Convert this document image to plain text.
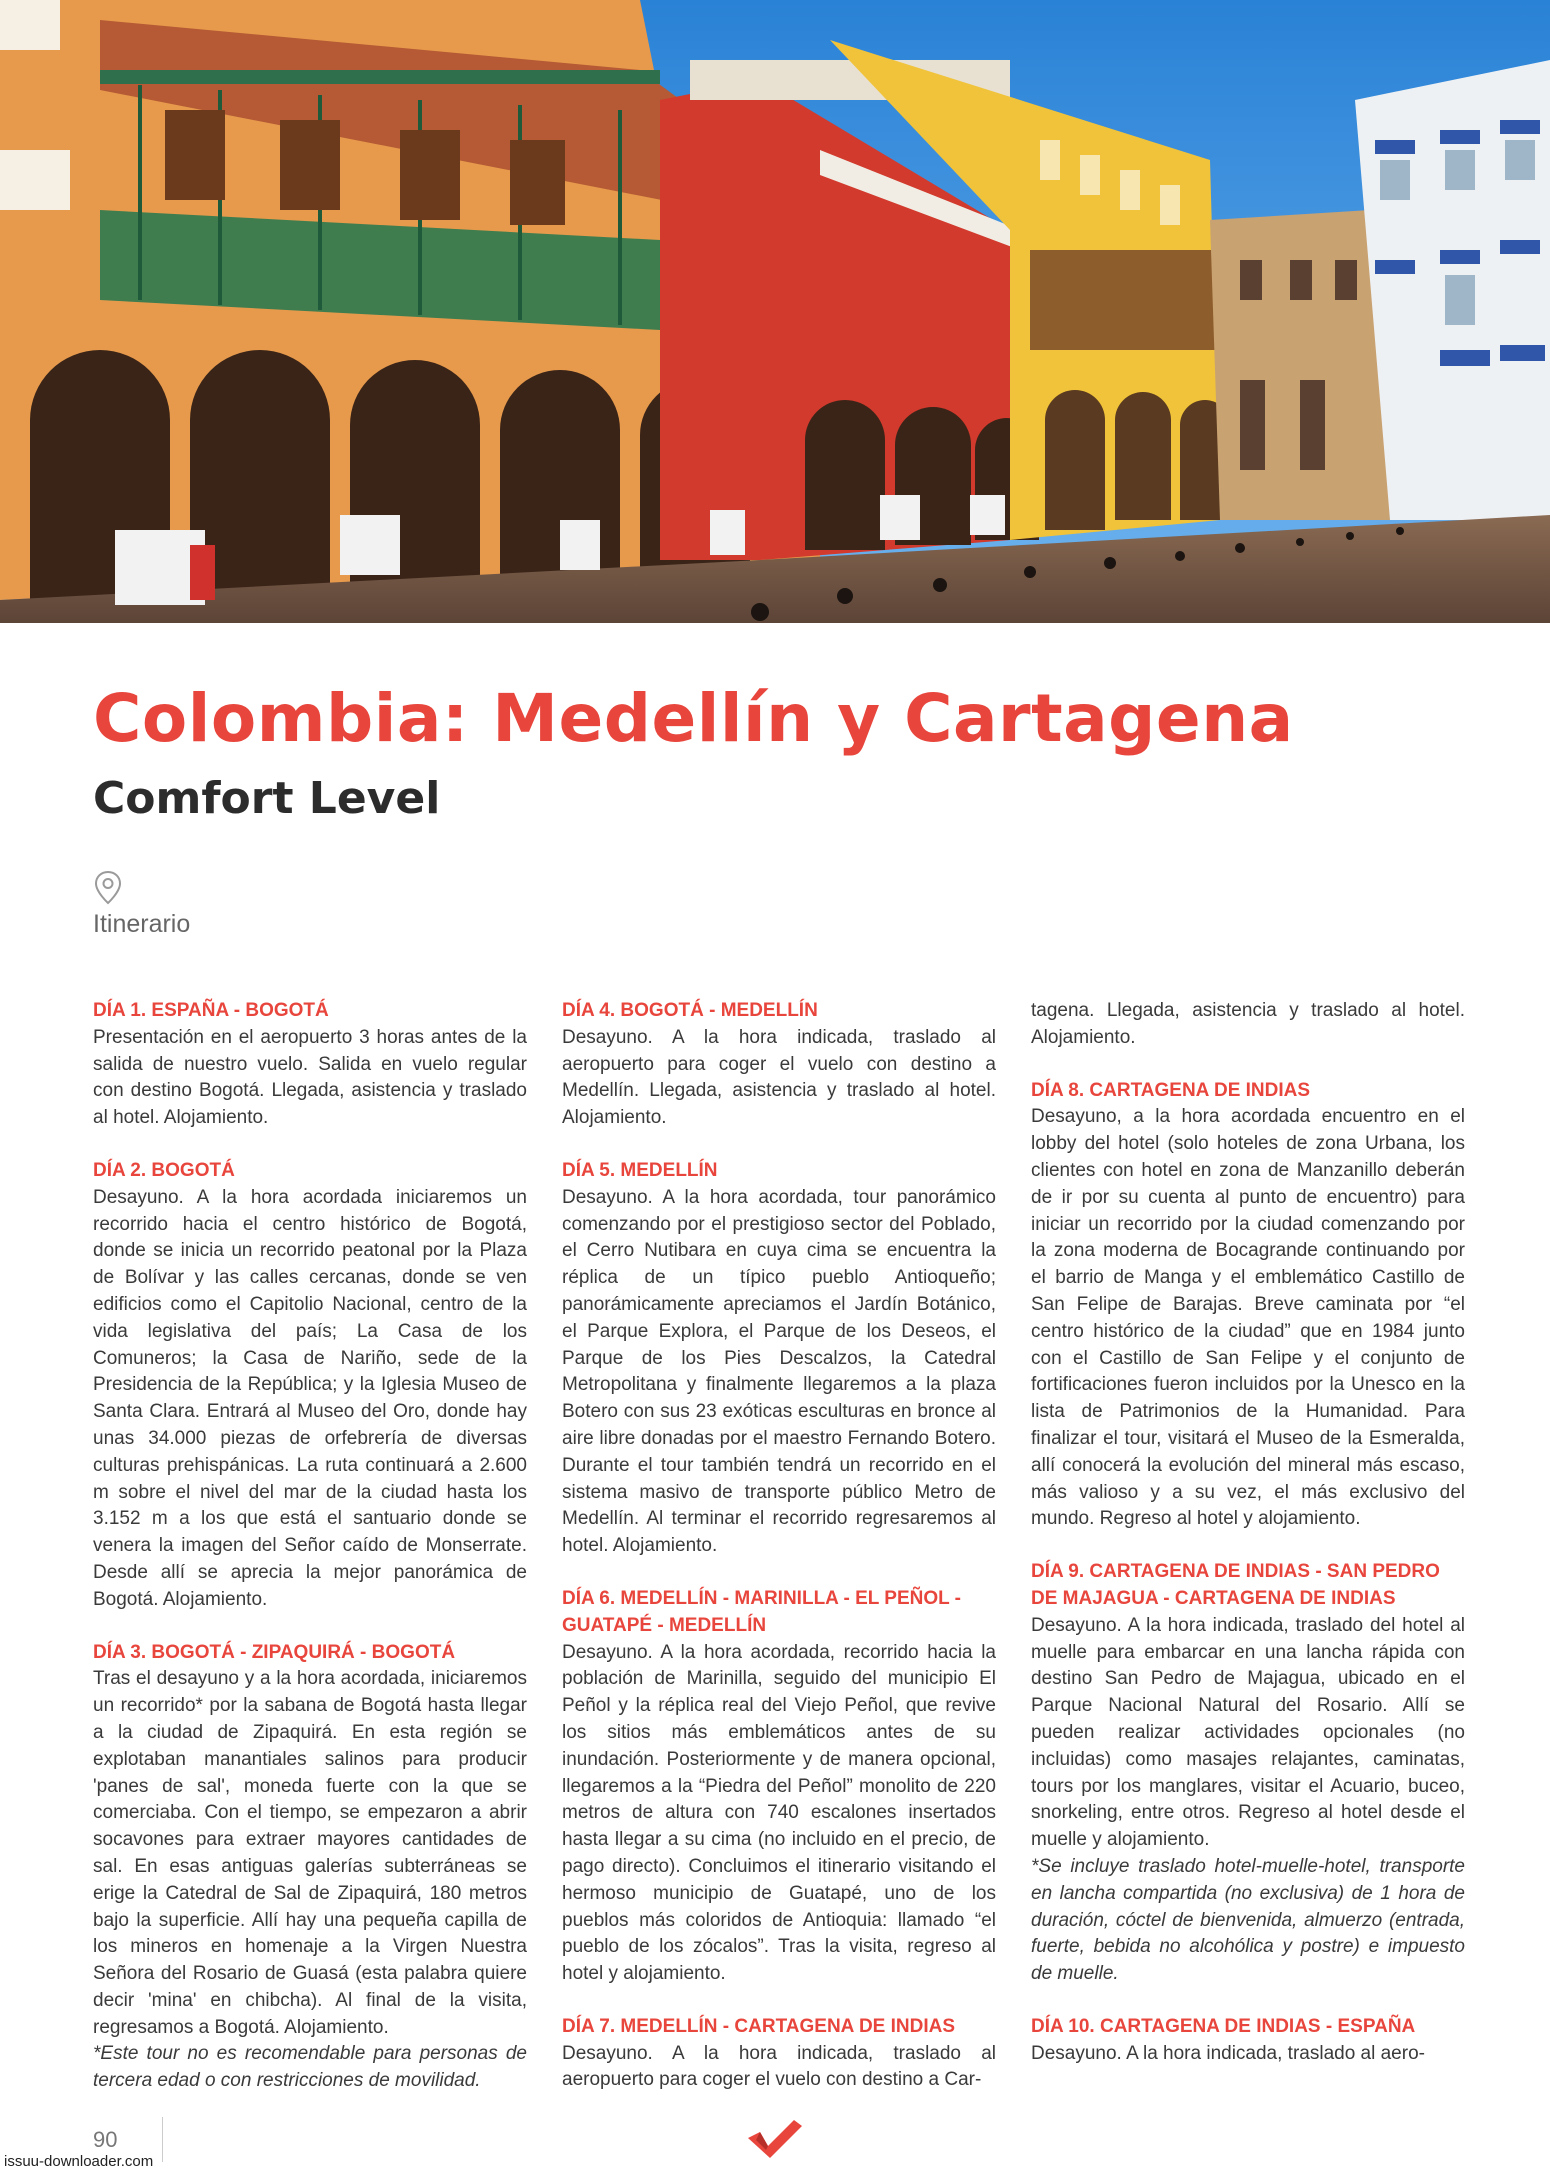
Colombia: Medellín y Cartagena
Comfort Level
Itinerario
DÍA 1. ESPAÑA - BOGOTÁ

Presentación en el aeropuerto 3 horas antes de la salida de nuestro vuelo. Salida en vuelo regular con destino Bogotá. Llegada, asistencia y traslado al hotel. Alojamiento.

DÍA 2. BOGOTÁ

Desayuno. A la hora acordada iniciaremos un recorrido hacia el centro histórico de Bogotá, donde se inicia un recorrido peatonal por la Plaza de Bolívar y las calles cercanas, donde se ven edificios como el Capitolio Nacional, centro de la vida legislativa del país; La Casa de los Comuneros; la Casa de Nariño, sede de la Presidencia de la República; y la Iglesia Museo de Santa Clara. Entrará al Museo del Oro, donde hay unas 34.000 piezas de orfebrería de diversas culturas prehispánicas. La ruta continuará a 2.600 m sobre el nivel del mar de la ciudad hasta los 3.152 m a los que está el santuario donde se venera la imagen del Señor caído de Monserrate. Desde allí se aprecia la mejor panorámica de Bogotá. Alojamiento.

DÍA 3. BOGOTÁ - ZIPAQUIRÁ - BOGOTÁ

Tras el desayuno y a la hora acordada, iniciaremos un recorrido* por la sabana de Bogotá hasta llegar a la ciudad de Zipaquirá. En esta región se explotaban manantiales salinos para producir 'panes de sal', moneda fuerte con la que se comerciaba. Con el tiempo, se empezaron a abrir socavones para extraer mayores cantidades de sal. En esas antiguas galerías subterráneas se erige la Catedral de Sal de Zipaquirá, 180 metros bajo la superficie. Allí hay una pequeña capilla de los mineros en homenaje a la Virgen Nuestra Señora del Rosario de Guasá (esta palabra quiere decir 'mina' en chibcha). Al final de la visita, regresamos a Bogotá. Alojamiento.

*Este tour no es recomendable para personas de tercera edad o con restricciones de movilidad.

DÍA 4. BOGOTÁ - MEDELLÍN

Desayuno. A la hora indicada, traslado al aeropuerto para coger el vuelo con destino a Medellín. Llegada, asistencia y traslado al hotel. Alojamiento.

DÍA 5. MEDELLÍN

Desayuno. A la hora acordada, tour panorámico comenzando por el prestigioso sector del Poblado, el Cerro Nutibara en cuya cima se encuentra la réplica de un típico pueblo Antioqueño; panorámicamente apreciamos el Jardín Botánico, el Parque Explora, el Parque de los Deseos, el Parque de los Pies Descalzos, la Catedral Metropolitana y finalmente llegaremos a la plaza Botero con sus 23 exóticas esculturas en bronce al aire libre donadas por el maestro Fernando Botero. Durante el tour también tendrá un recorrido en el sistema masivo de transporte público Metro de Medellín. Al terminar el recorrido regresaremos al hotel. Alojamiento.

DÍA 6. MEDELLÍN - MARINILLA - EL PEÑOL - GUATAPÉ - MEDELLÍN

Desayuno. A la hora acordada, recorrido hacia la población de Marinilla, seguido del municipio El Peñol y la réplica real del Viejo Peñol, que revive los sitios más emblemáticos antes de su inundación. Posteriormente y de manera opcional, llegaremos a la “Piedra del Peñol” monolito de 220 metros de altura con 740 escalones insertados hasta llegar a su cima (no incluido en el precio, de pago directo). Concluimos el itinerario visitando el hermoso municipio de Guatapé, uno de los pueblos más coloridos de Antioquia: llamado “el pueblo de los zócalos”. Tras la visita, regreso al hotel y alojamiento.

DÍA 7. MEDELLÍN - CARTAGENA DE INDIAS

Desayuno. A la hora indicada, traslado al aeropuerto para coger el vuelo con destino a Car-

tagena. Llegada, asistencia y traslado al hotel. Alojamiento.

DÍA 8. CARTAGENA DE INDIAS

Desayuno, a la hora acordada encuentro en el lobby del hotel (solo hoteles de zona Urbana, los clientes con hotel en zona de Manzanillo deberán de ir por su cuenta al punto de encuentro) para iniciar un recorrido por la ciudad comenzando por la zona moderna de Bocagrande continuando por el barrio de Manga y el emblemático Castillo de San Felipe de Barajas. Breve caminata por “el centro histórico de la ciudad” que en 1984 junto con el Castillo de San Felipe y el conjunto de fortificaciones fueron incluidos por la Unesco en la lista de Patrimonios de la Humanidad. Para finalizar el tour, visitará el Museo de la Esmeralda, allí conocerá la evolución del mineral más escaso, más valioso y a su vez, el más exclusivo del mundo. Regreso al hotel y alojamiento.

DÍA 9. CARTAGENA DE INDIAS - SAN PEDRO DE MAJAGUA - CARTAGENA DE INDIAS

Desayuno. A la hora indicada, traslado del hotel al muelle para embarcar en una lancha rápida con destino San Pedro de Majagua, ubicado en el Parque Nacional Natural del Rosario. Allí se pueden realizar actividades opcionales (no incluidas) como masajes relajantes, caminatas, tours por los manglares, visitar el Acuario, buceo, snorkeling, entre otros. Regreso al hotel desde el muelle y alojamiento.

*Se incluye traslado hotel-muelle-hotel, transporte en lancha compartida (no exclusiva) de 1 hora de duración, cóctel de bienvenida, almuerzo (entrada, fuerte, bebida no alcohólica y postre) e impuesto de muelle.

DÍA 10. CARTAGENA DE INDIAS - ESPAÑA

Desayuno. A la hora indicada, traslado al aero-

90
issuu-downloader.com
